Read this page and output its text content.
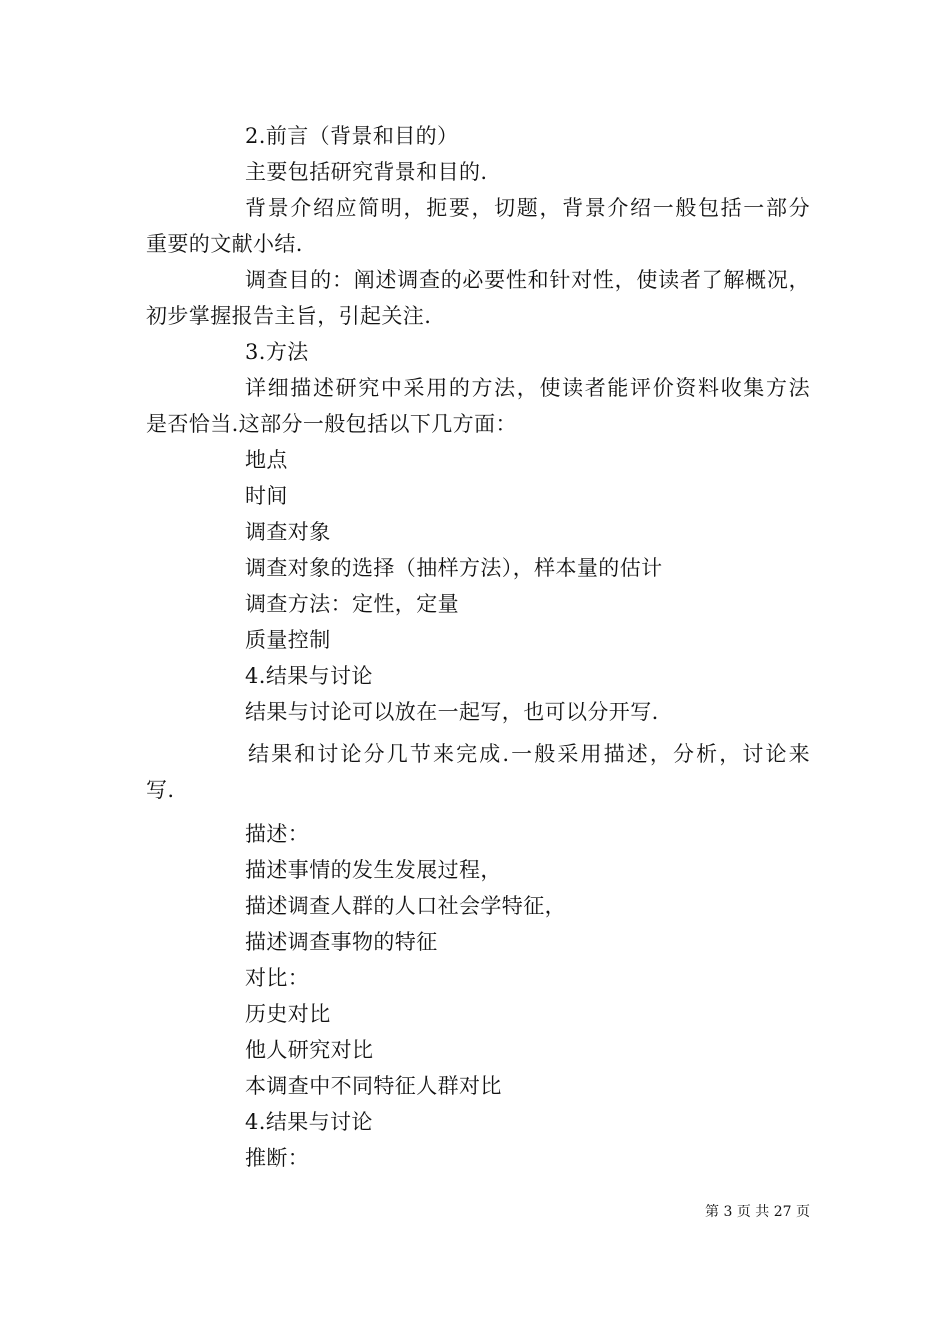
2.前言（背景和目的）
主要包括研究背景和目的.
背景介绍应简明，扼要，切题，背景介绍一般包括一部分
重要的文献小结.
调查目的：阐述调查的必要性和针对性，使读者了解概况，
初步掌握报告主旨，引起关注.
3.方法
详细描述研究中采用的方法，使读者能评价资料收集方法
是否恰当.这部分一般包括以下几方面：
地点
时间
调查对象
调查对象的选择（抽样方法），样本量的估计
调查方法：定性，定量
质量控制
4.结果与讨论
结果与讨论可以放在一起写，也可以分开写.
结果和讨论分几节来完成.一般采用描述，分析，讨论来
写.
描述：
描述事情的发生发展过程，
描述调查人群的人口社会学特征，
描述调查事物的特征
对比：
历史对比
他人研究对比
本调查中不同特征人群对比
4.结果与讨论
推断：
第 3 页 共 27 页
